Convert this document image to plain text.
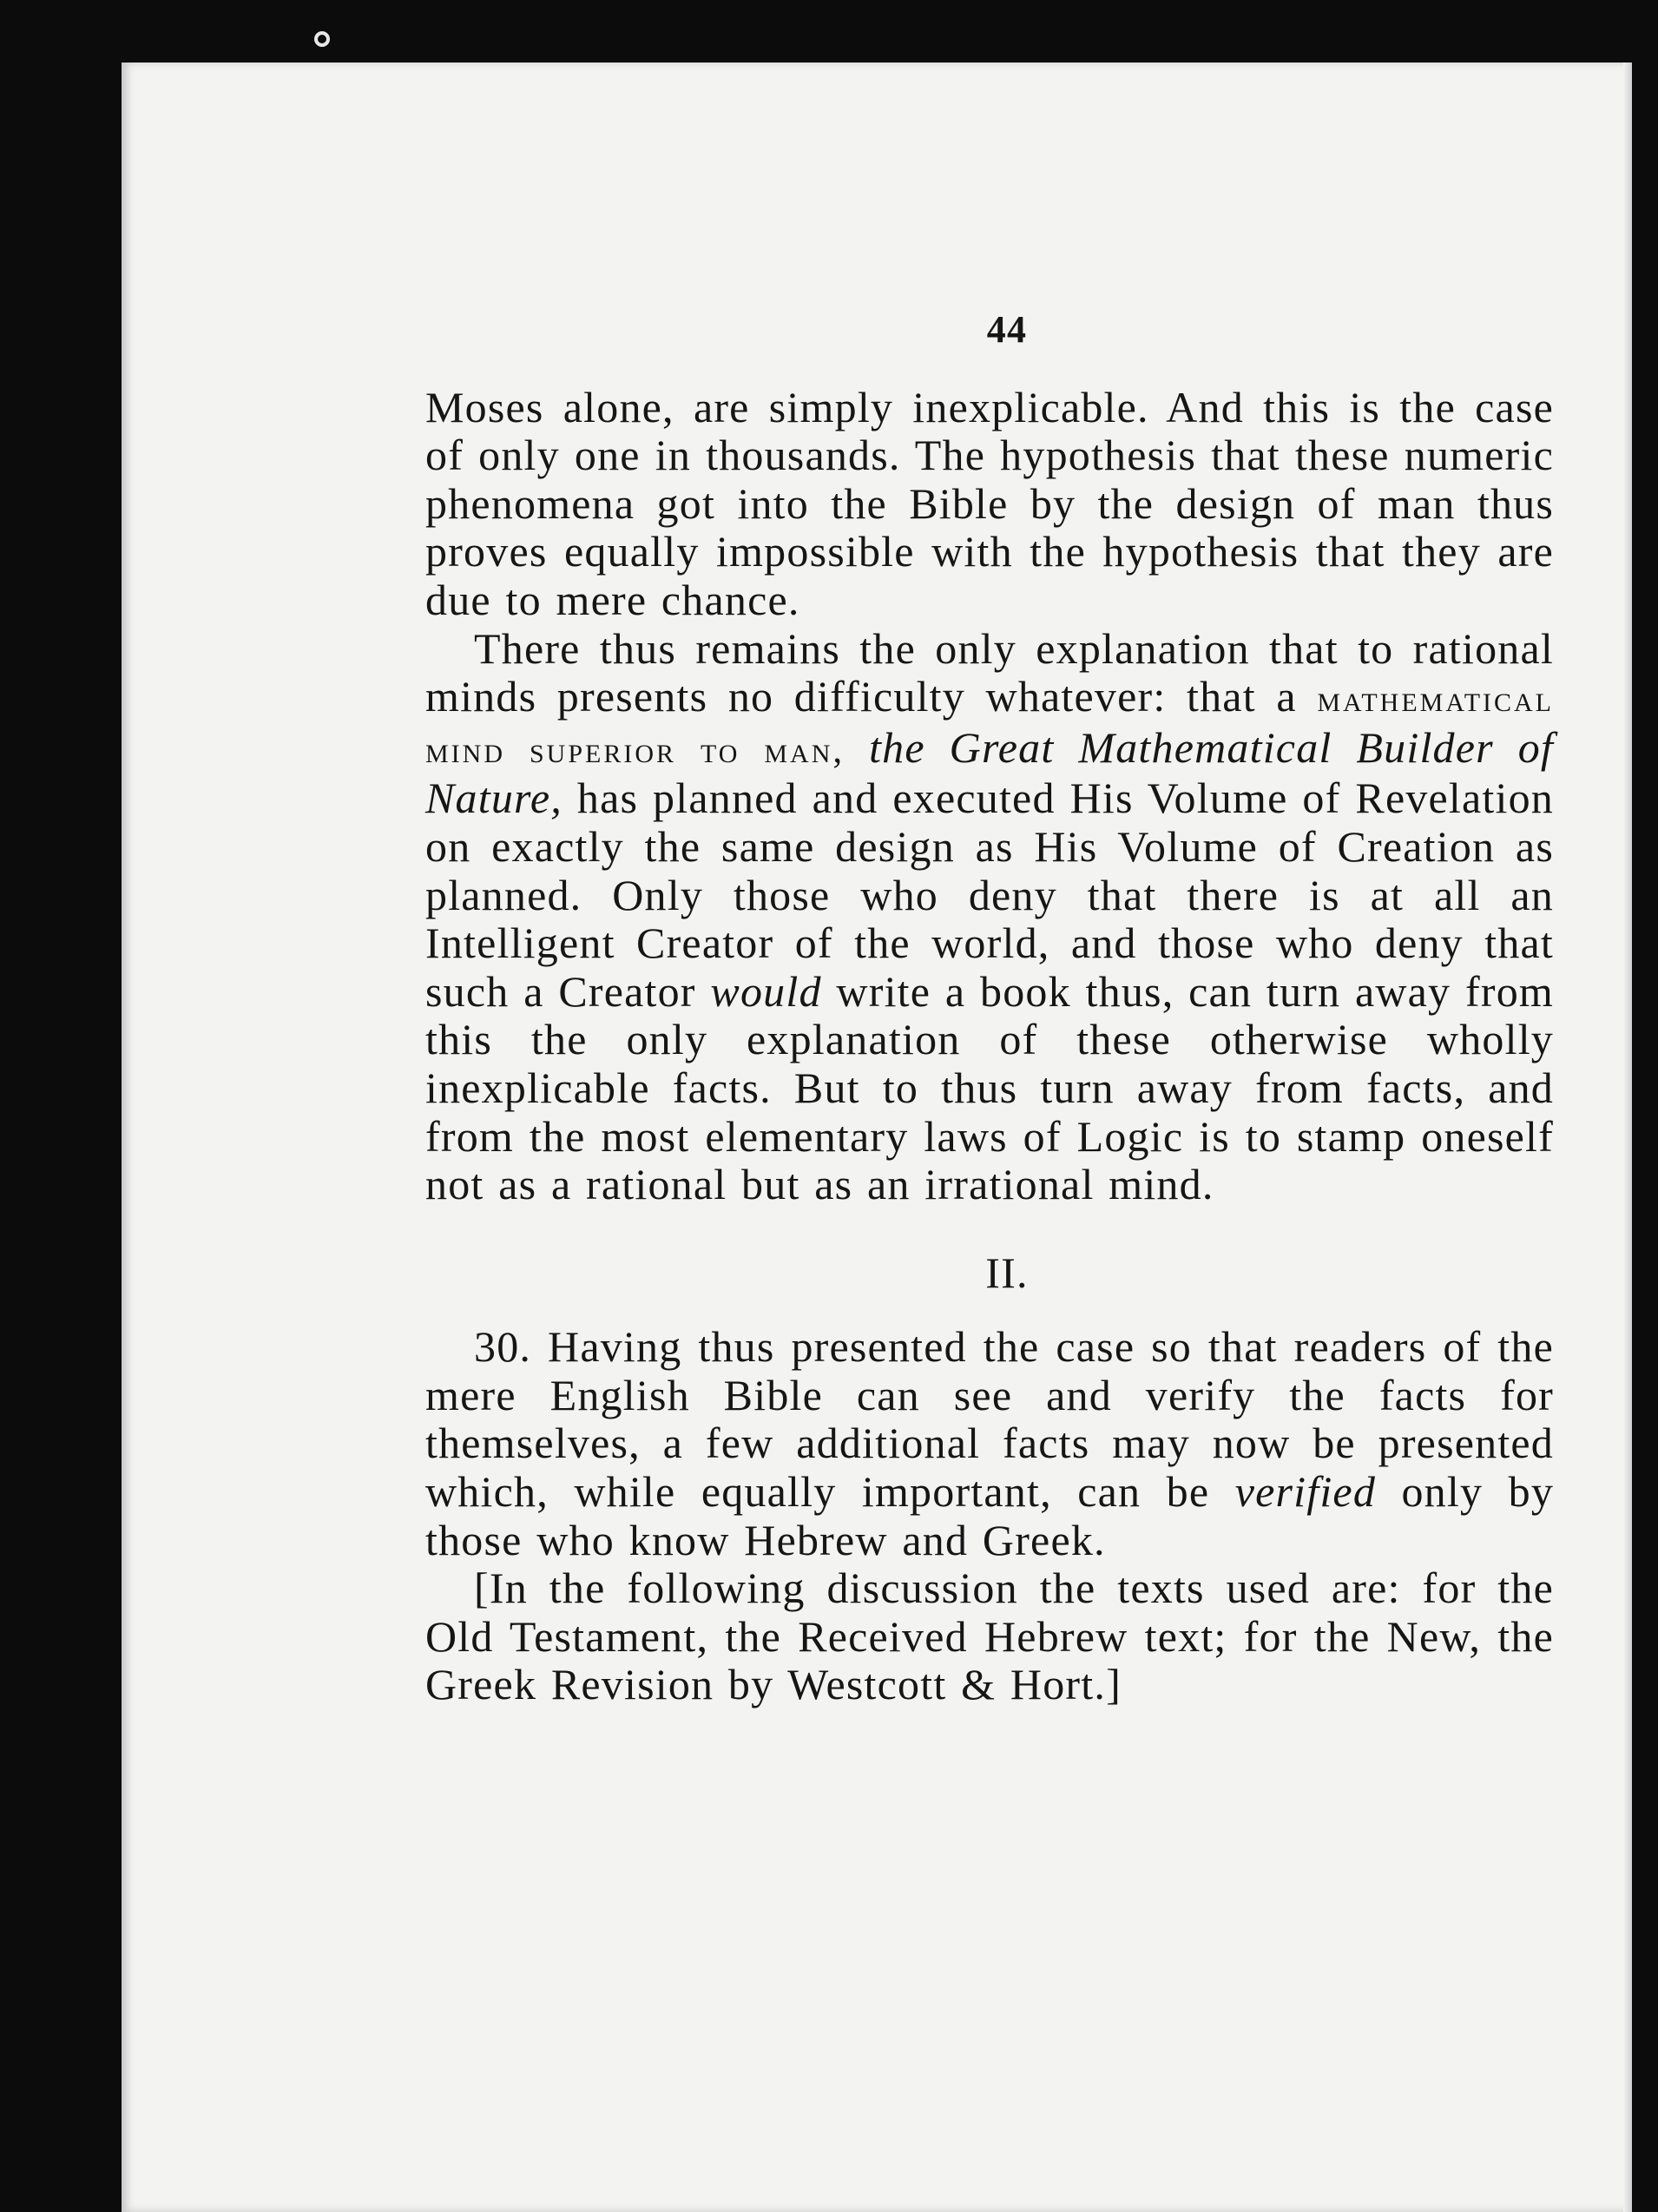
44

Moses alone, are simply inexplicable. And this is the case of only one in thousands. The hypothesis that these numeric phenomena got into the Bible by the design of man thus proves equally impossible with the hypothesis that they are due to mere chance.

There thus remains the only explanation that to rational minds presents no difficulty whatever: that a mathematical mind superior to man, the Great Mathematical Builder of Nature, has planned and executed His Volume of Revelation on exactly the same design as His Volume of Creation as planned. Only those who deny that there is at all an Intelligent Creator of the world, and those who deny that such a Creator would write a book thus, can turn away from this the only explanation of these otherwise wholly inexplicable facts. But to thus turn away from facts, and from the most elementary laws of Logic is to stamp oneself not as a rational but as an irrational mind.

II.

30. Having thus presented the case so that readers of the mere English Bible can see and verify the facts for themselves, a few additional facts may now be presented which, while equally important, can be verified only by those who know Hebrew and Greek.

[In the following discussion the texts used are: for the Old Testament, the Received Hebrew text; for the New, the Greek Revision by Westcott & Hort.]
